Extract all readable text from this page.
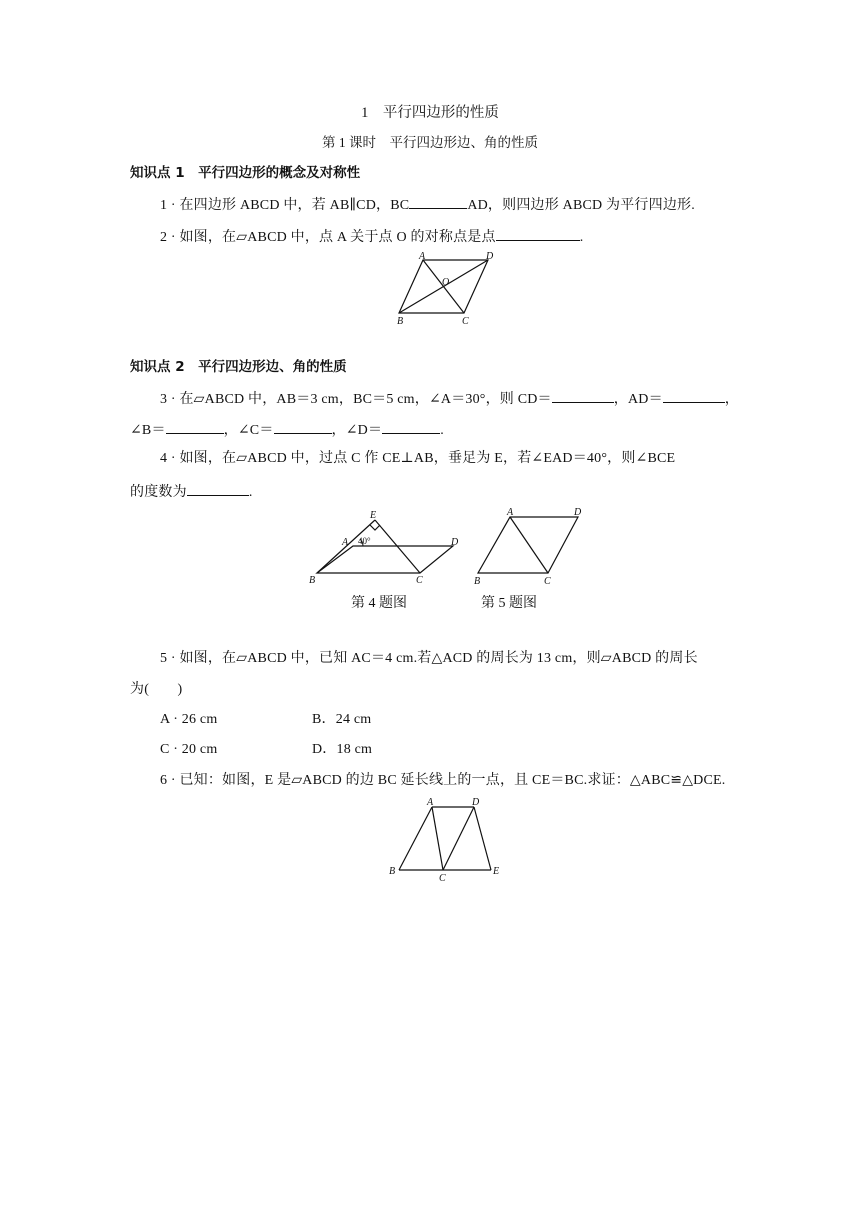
1　平行四边形的性质
第 1 课时　平行四边形边、角的性质
知识点 1　平行四边形的概念及对称性
1 · 在四边形 ABCD 中，若 AB∥CD，BC	AD，则四边形 ABCD 为平行四边形.
2 · 如图，在▱ABCD 中，点 A 关于点 O 的对称点是点	.
A	D
B	C
O
知识点 2　平行四边形边、角的性质
3 · 在▱ABCD 中，AB＝3 cm，BC＝5 cm，∠A＝30°，则 CD＝	，AD＝	，
∠B＝	，∠C＝	，∠D＝	.
4 · 如图，在▱ABCD 中，过点 C 作 CE⊥AB，垂足为 E，若∠EAD＝40°，则∠BCE
的度数为	.
E
A	D
B	C
40°
A	D
B	C
第 4 题图	第 5 题图
5 · 如图，在▱ABCD 中，已知 AC＝4 cm.若△ACD 的周长为 13 cm，则▱ABCD 的周长
为(　　)
A · 26 cm	B．24 cm
C · 20 cm	D．18 cm
6 · 已知：如图，E 是▱ABCD 的边 BC 延长线上的一点，且 CE＝BC.求证：△ABC≌△DCE.
A	D
B
C
E
